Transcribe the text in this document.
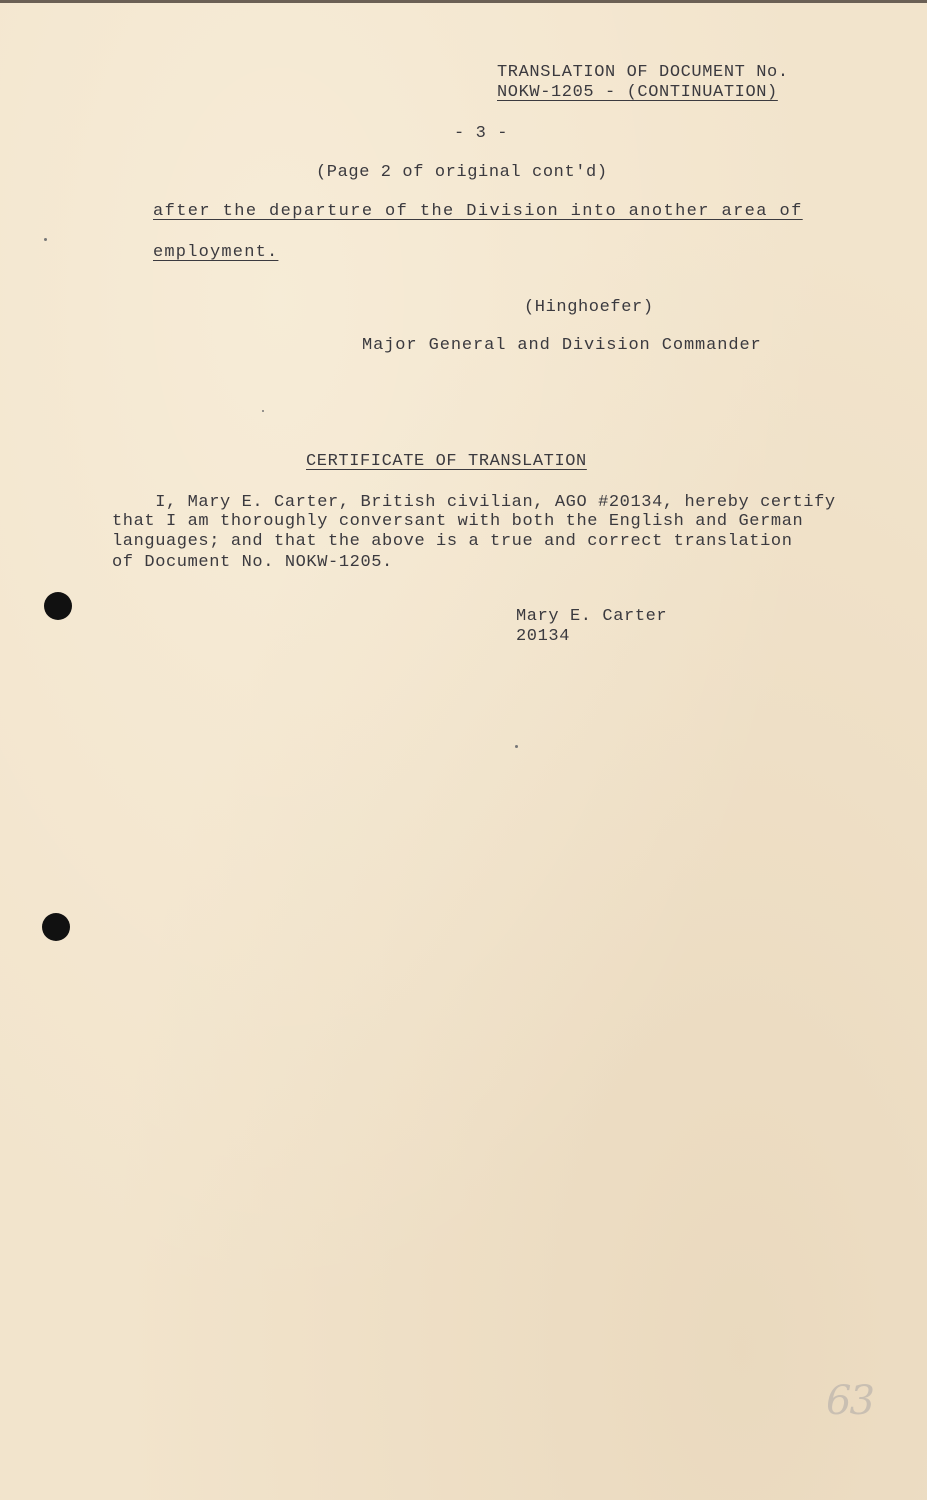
TRANSLATION OF DOCUMENT No.
NOKW-1205 - (CONTINUATION)
- 3 -
(Page 2 of original cont'd)
after the departure of the Division into another area of
employment.
(Hinghoefer)
Major General and Division Commander
CERTIFICATE OF TRANSLATION
I, Mary E. Carter, British civilian, AGO #20134, hereby certify
that I am thoroughly conversant with both the English and German
languages; and that the above is a true and correct translation
of Document No. NOKW-1205.
Mary E. Carter
20134
63
